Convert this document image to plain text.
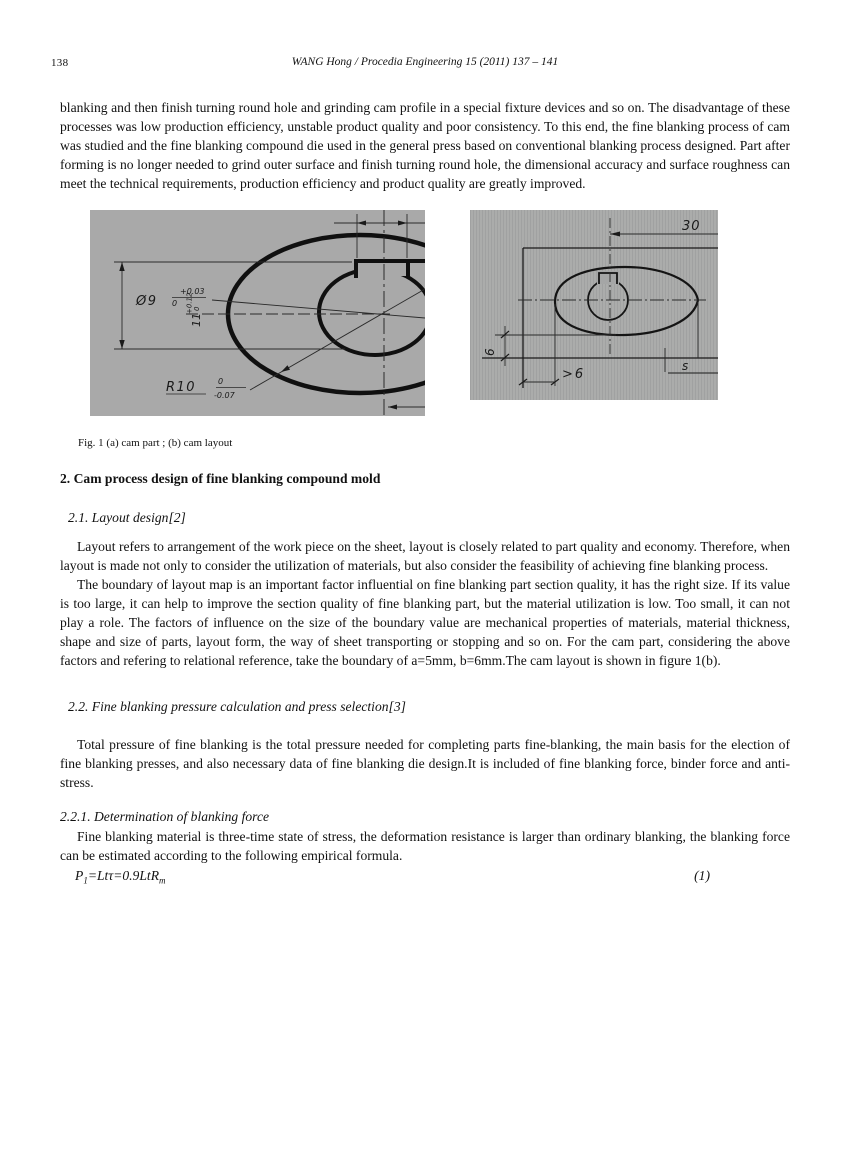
138	WANG Hong / Procedia Engineering 15 (2011) 137 – 141

blanking and then finish turning round hole and grinding cam profile in a special fixture devices and so on. The disadvantage of these processes was low production efficiency, unstable product quality and poor consistency. To this end, the fine blanking process of cam was studied and the fine blanking compound die used in the general press based on conventional blanking process designed. Part after forming is no longer needed to grind outer surface and finish turning round hole, the dimensional accuracy and surface roughness can meet the technical requirements, production efficiency and product quality are greatly improved.

11
0
+0.12
Ø9
+0.03
0
R10	0
-0.07
30
6
>6
s
Fig. 1 (a) cam part ; (b) cam layout
2. Cam process design of fine blanking compound mold
2.1. Layout design[2]

Layout refers to arrangement of the work piece on the sheet, layout is closely related to part quality and economy. Therefore, when layout is made not only to consider the utilization of materials, but also consider the feasibility of achieving fine blanking process.

The boundary of layout map is an important factor influential on fine blanking part section quality, it has the right size. If its value is too large, it can help to improve the section quality of fine blanking part, but the material utilization is low. Too small, it can not play a role. The factors of influence on the size of the boundary value are mechanical properties of materials, material thickness, shape and size of parts, layout form, the way of sheet transporting or stopping and so on. For the cam part, considering the above factors and refering to relational reference, take the boundary of a=5mm, b=6mm.The cam layout is shown in figure 1(b).

2.2. Fine blanking pressure calculation and press selection[3]

Total pressure of fine blanking is the total pressure needed for completing parts fine-blanking, the main basis for the election of fine blanking presses, and also necessary data of fine blanking die design.It is included of fine blanking force, binder force and anti-stress.

2.2.1. Determination of blanking force

Fine blanking material is three-time state of stress, the deformation resistance is larger than ordinary blanking, the blanking force can be estimated according to the following empirical formula.

$P_1=Lt\tau=0.9LtR_m$	(1)
